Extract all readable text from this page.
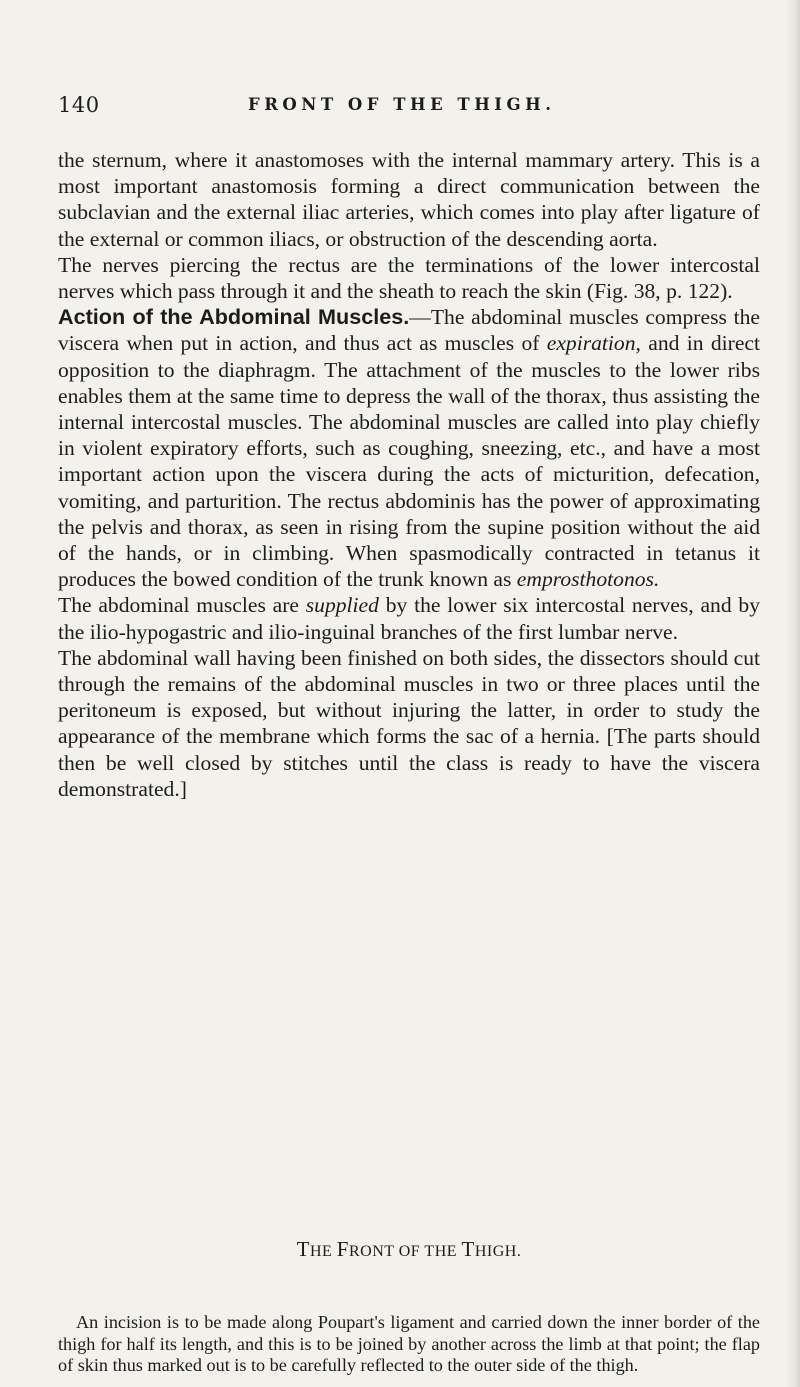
140	FRONT OF THE THIGH.

the sternum, where it anastomoses with the internal mammary artery. This is a most important anastomosis forming a direct communication between the subclavian and the external iliac arteries, which comes into play after ligature of the external or common iliacs, or obstruction of the descending aorta.

The nerves piercing the rectus are the terminations of the lower intercostal nerves which pass through it and the sheath to reach the skin (Fig. 38, p. 122).

Action of the Abdominal Muscles.—The abdominal muscles compress the viscera when put in action, and thus act as muscles of expiration, and in direct opposition to the diaphragm. The attachment of the muscles to the lower ribs enables them at the same time to depress the wall of the thorax, thus assisting the internal intercostal muscles. The abdominal muscles are called into play chiefly in violent expiratory efforts, such as coughing, sneezing, etc., and have a most important action upon the viscera during the acts of micturition, defecation, vomiting, and parturition. The rectus abdominis has the power of approximating the pelvis and thorax, as seen in rising from the supine position without the aid of the hands, or in climbing. When spasmodically contracted in tetanus it produces the bowed condition of the trunk known as emprosthotonos.

The abdominal muscles are supplied by the lower six intercostal nerves, and by the ilio-hypogastric and ilio-inguinal branches of the first lumbar nerve.

The abdominal wall having been finished on both sides, the dissectors should cut through the remains of the abdominal muscles in two or three places until the peritoneum is exposed, but without injuring the latter, in order to study the appearance of the membrane which forms the sac of a hernia. [The parts should then be well closed by stitches until the class is ready to have the viscera demonstrated.]

THE FRONT OF THE THIGH.
An incision is to be made along Poupart's ligament and carried down the inner border of the thigh for half its length, and this is to be joined by another across the limb at that point; the flap of skin thus marked out is to be carefully reflected to the outer side of the thigh.
